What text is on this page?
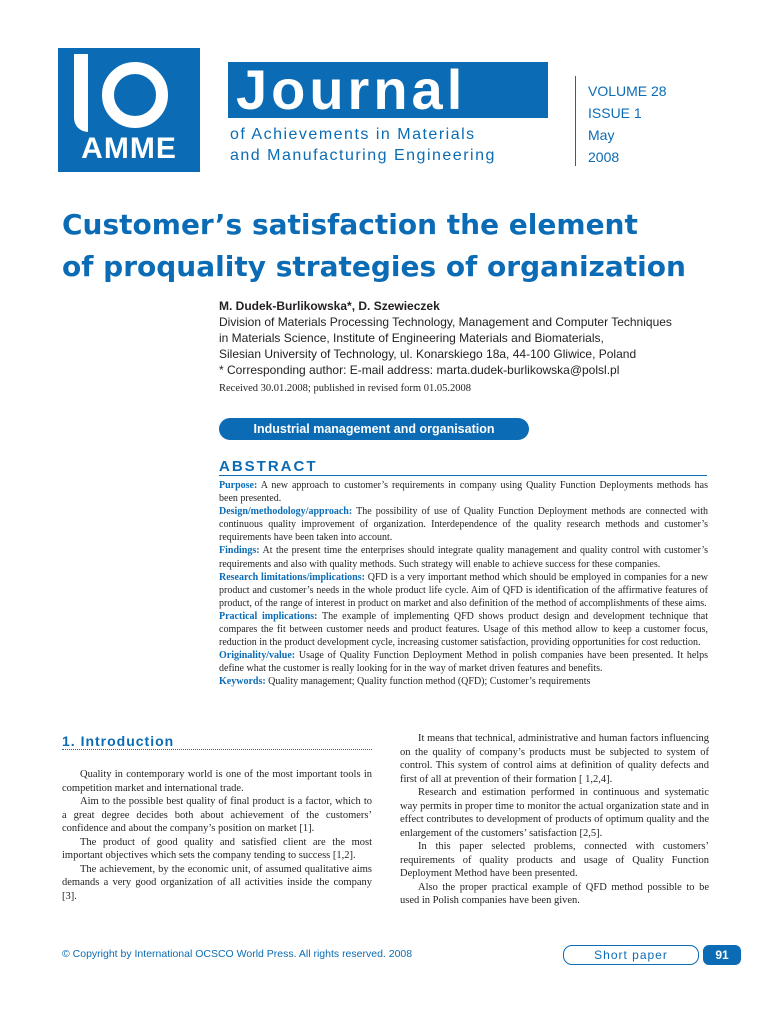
AMME
Journal
of Achievements in Materials
and Manufacturing Engineering
VOLUME 28
ISSUE 1
May
2008
Customer’s satisfaction the element
of proquality strategies of organization
M. Dudek-Burlikowska*, D. Szewieczek
Division of Materials Processing Technology, Management and Computer Techniques
in Materials Science, Institute of Engineering Materials and Biomaterials,
Silesian University of Technology, ul. Konarskiego 18a, 44-100 Gliwice, Poland
* Corresponding author: E-mail address: marta.dudek-burlikowska@polsl.pl
Received 30.01.2008; published in revised form 01.05.2008
Industrial management and organisation
ABSTRACT

Purpose: A new approach to customer’s requirements in company using Quality Function Deployments methods has been presented.

Design/methodology/approach: The possibility of use of Quality Function Deployment methods are connected with continuous quality improvement of organization. Interdependence of the quality research methods and customer’s requirements have been taken into account.

Findings: At the present time the enterprises should integrate quality management and quality control with customer’s requirements and also with quality methods. Such strategy will enable to achieve success for these companies.

Research limitations/implications: QFD is a very important method which should be employed in companies for a new product and customer’s needs in the whole product life cycle. Aim of QFD is identification of the affirmative features of product, of the range of interest in product on market and also definition of the method of accomplishments of these aims.

Practical implications: The example of implementing QFD shows product design and development technique that compares the fit between customer needs and product features. Usage of this method allow to keep a customer focus, reduction in the product development cycle, increasing customer satisfaction, providing opportunities for cost reduction.

Originality/value: Usage of Quality Function Deployment Method in polish companies have been presented. It helps define what the customer is really looking for in the way of market driven features and benefits.

Keywords: Quality management; Quality function method (QFD); Customer’s requirements

1. Introduction

Quality in contemporary world is one of the most important tools in competition market and international trade.

Aim to the possible best quality of final product is a factor, which to a great degree decides both about achievement of the customers’ confidence and about the company’s position on market [1].

The product of good quality and satisfied client are the most important objectives which sets the company tending to success [1,2].

The achievement, by the economic unit, of assumed qualitative aims demands a very good organization of all activities inside the company [3].

It means that technical, administrative and human factors influencing on the quality of company’s products must be subjected to system of control. This system of control aims at definition of quality defects and first of all at prevention of their formation [ 1,2,4].

Research and estimation performed in continuous and systematic way permits in proper time to monitor the actual organization state and in effect contributes to development of products of optimum quality and the enlargement of the customers’ satisfaction [2,5].

In this paper selected problems, connected with customers’ requirements of quality products and usage of Quality Function Deployment Method have been presented.

Also the proper practical example of QFD method possible to be used in Polish companies have been given.

© Copyright by International OCSCO World Press. All rights reserved. 2008	Short paper	91
